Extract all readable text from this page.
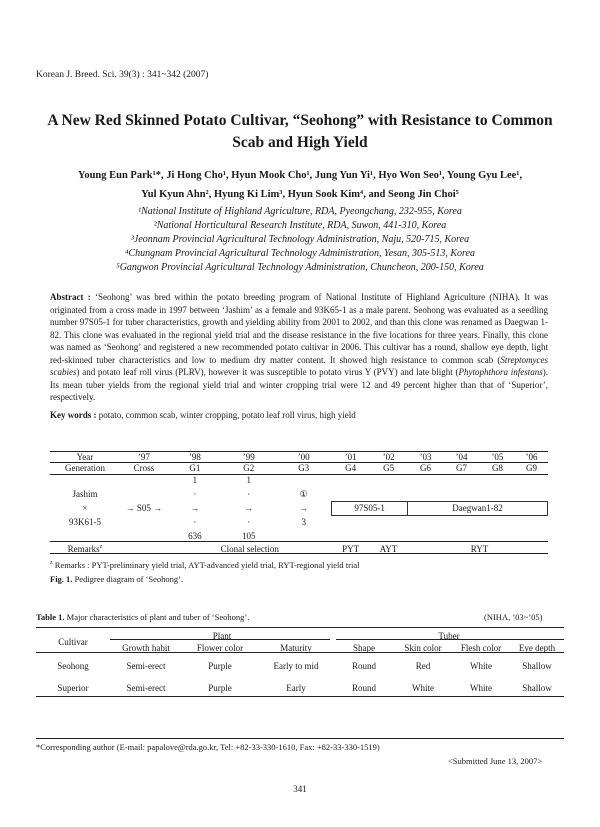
Korean J. Breed. Sci. 39(3) : 341~342 (2007)
A New Red Skinned Potato Cultivar, “Seohong” with Resistance to Common Scab and High Yield
Young Eun Park¹*, Ji Hong Cho¹, Hyun Mook Cho¹, Jung Yun Yi¹, Hyo Won Seo¹, Young Gyu Lee¹,
Yul Kyun Ahn², Hyung Ki Lim³, Hyun Sook Kim⁴, and Seong Jin Choi⁵
¹National Institute of Highland Agriculture, RDA, Pyeongchang, 232-955, Korea
²National Horticultural Research Institute, RDA, Suwon, 441-310, Korea
³Jeonnam Provincial Agricultural Technology Administration, Naju, 520-715, Korea
⁴Chungnam Provincial Agricultural Technology Administration, Yesan, 305-513, Korea
⁵Gangwon Provincial Agricultural Technology Administration, Chuncheon, 200-150, Korea
Abstract : ‘Seohong’ was bred within the potato breeding program of National Institute of Highland Agriculture (NIHA). It was originated from a cross made in 1997 between ‘Jashim’ as a female and 93K65-1 as a male parent. Seohong was evaluated as a seedling number 97S05-1 for tuber characteristics, growth and yielding ability from 2001 to 2002, and than this clone was renamed as Daegwan 1-82. This clone was evaluated in the regional yield trial and the disease resistance in the five locations for three years. Finally, this clone was named as ‘Seohong’ and registered a new recommended potato cultivar in 2006. This cultivar has a round, shallow eye depth, light red-skinned tuber characteristics and low to medium dry matter content. It showed high resistance to common scab (Streptomyces scabies) and potato leaf roll virus (PLRV), however it was susceptible to potato virus Y (PVY) and late blight (Phytophthora infestans). Its mean tuber yields from the regional yield trial and winter cropping trial were 12 and 49 percent higher than that of ‘Superior’, respectively.
Key words : potato, common scab, winter cropping, potato leaf roll virus, high yield
Year	’97	’98	’99	’00	’01	’02	’03	’04	’05	’06
Generation	Cross	G1	G2	G3	G4	G5	G6	G7	G8	G9
		1	1							
Jashim		·	·	①						
×	→ S05 →	→	→	→	97S05-1		Daegwan1-82			
93K61-5		·	·	3						
		636	105							
Remarks$^z$		Clonal selection			PYT	AYT		RYT		
$^z$ Remarks : PYT-preliminary yield trial, AYT-advanced yield trial, RYT-regional yield trial
Fig. 1. Pedigree diagram of ‘Seohong’.
Table 1. Major characteristics of plant and tuber of ‘Seohong’.	(NIHA, ’03~’05)
Cultivar	Plant			Tuber			
	Growth habit	Flower color	Maturity	Shape	Skin color	Flesh color	Eye depth
Seohong	Semi-erect	Purple	Early to mid	Round	Red	White	Shallow
Superior	Semi-erect	Purple	Early	Round	White	White	Shallow
*Corresponding author (E-mail: papalove@rda.go.kr, Tel: +82-33-330-1610, Fax: +82-33-330-1519)
<Submitted June 13, 2007>
341
